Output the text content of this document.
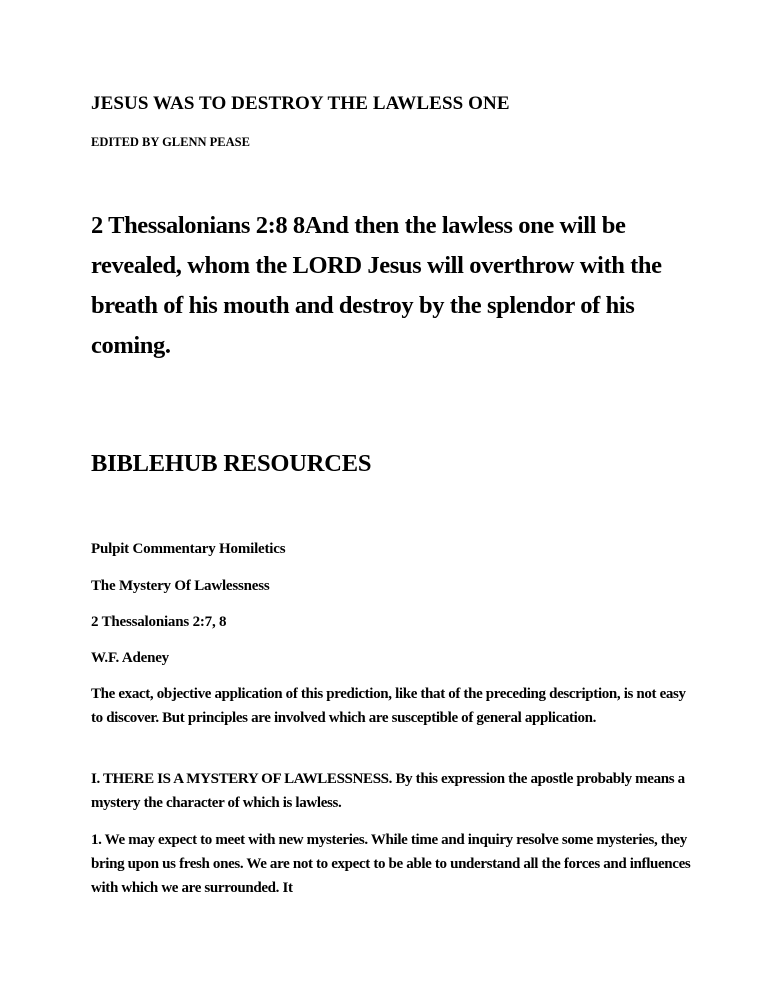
JESUS WAS TO DESTROY THE LAWLESS ONE
EDITED BY GLENN PEASE
2 Thessalonians 2:8 8And then the lawless one will be revealed, whom the LORD Jesus will overthrow with the breath of his mouth and destroy by the splendor of his coming.
BIBLEHUB RESOURCES
Pulpit Commentary Homiletics
The Mystery Of Lawlessness
2 Thessalonians 2:7, 8
W.F. Adeney
The exact, objective application of this prediction, like that of the preceding description, is not easy to discover. But principles are involved which are susceptible of general application.
I. THERE IS A MYSTERY OF LAWLESSNESS. By this expression the apostle probably means a mystery the character of which is lawless.
1. We may expect to meet with new mysteries. While time and inquiry resolve some mysteries, they bring upon us fresh ones. We are not to expect to be able to understand all the forces and influences with which we are surrounded. It
